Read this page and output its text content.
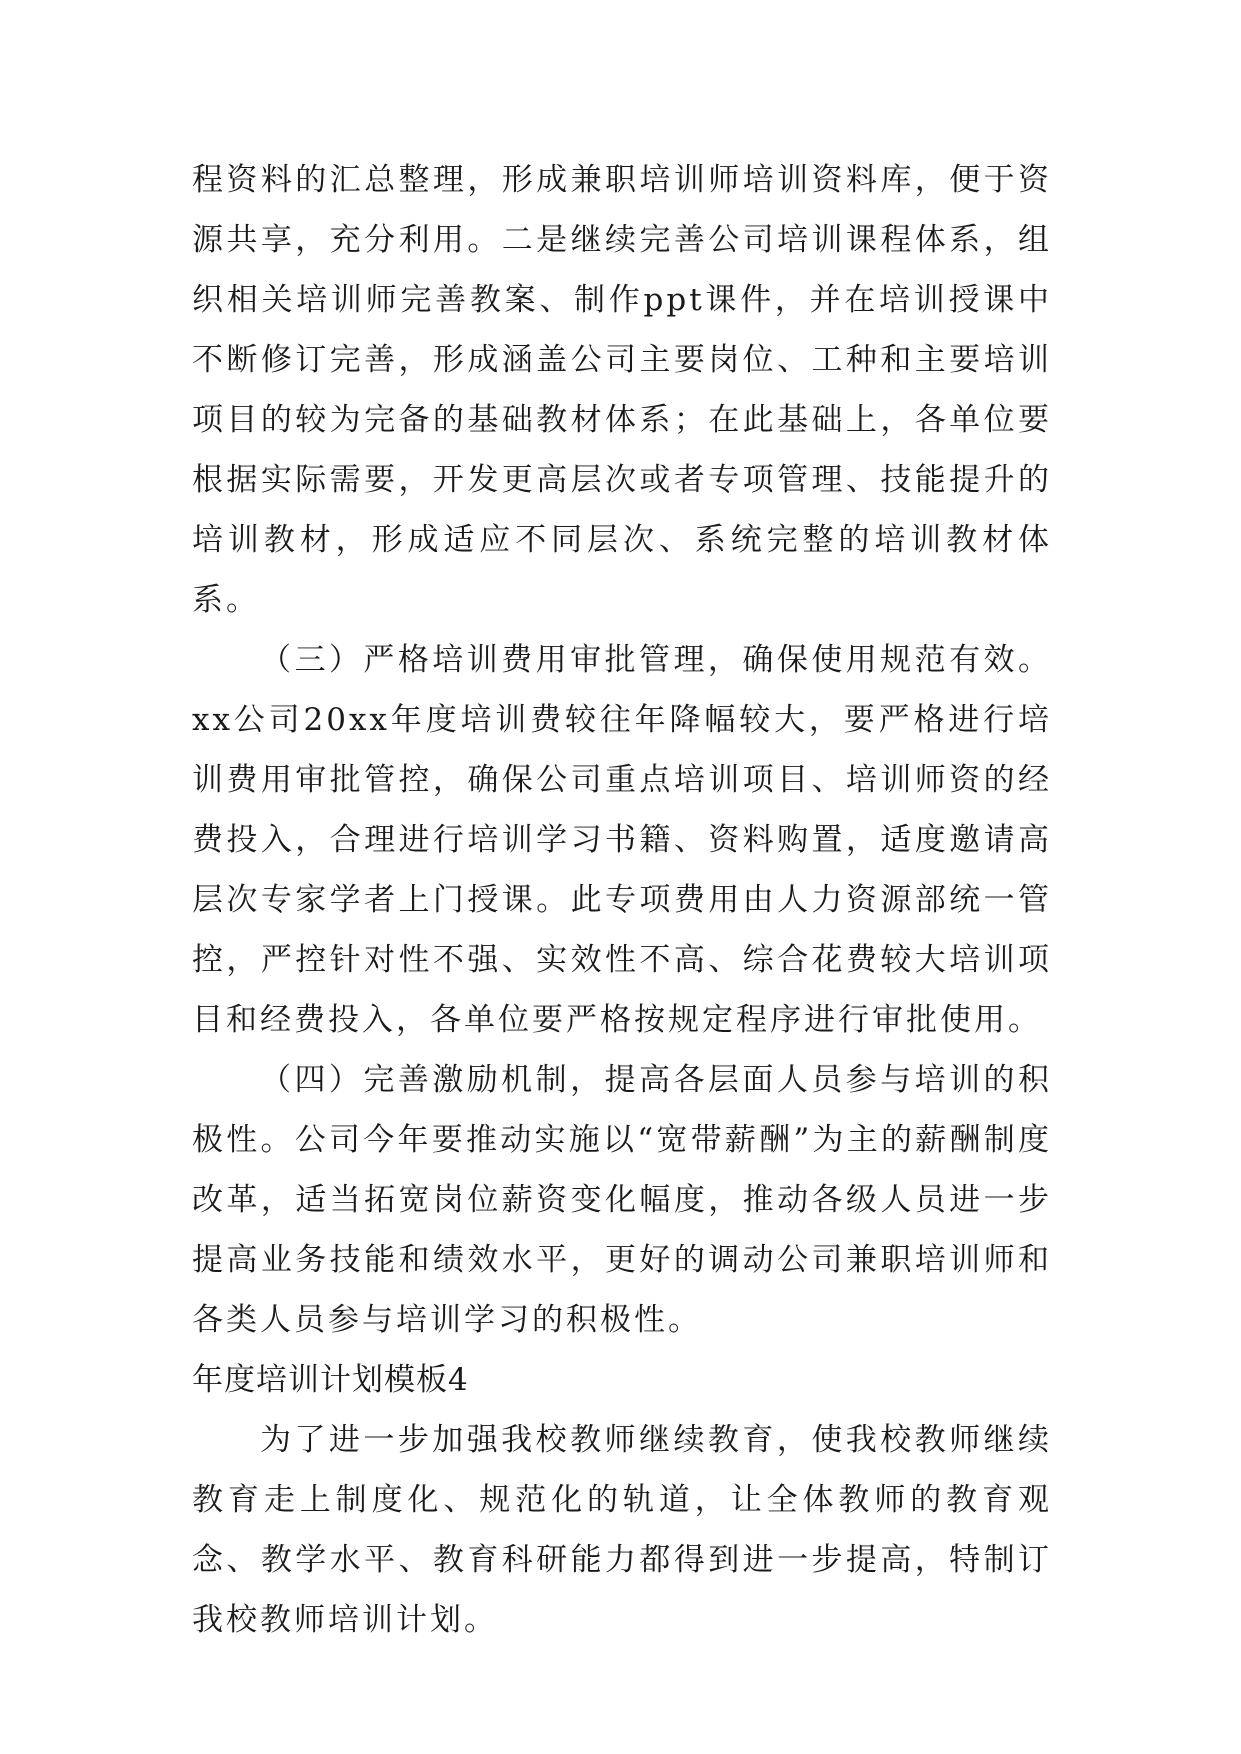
程资料的汇总整理，形成兼职培训师培训资料库，便于资源共享，充分利用。二是继续完善公司培训课程体系，组织相关培训师完善教案、制作ppt课件，并在培训授课中不断修订完善，形成涵盖公司主要岗位、工种和主要培训项目的较为完备的基础教材体系；在此基础上，各单位要根据实际需要，开发更高层次或者专项管理、技能提升的培训教材，形成适应不同层次、系统完整的培训教材体系。

（三）严格培训费用审批管理，确保使用规范有效。xx公司20xx年度培训费较往年降幅较大，要严格进行培训费用审批管控，确保公司重点培训项目、培训师资的经费投入，合理进行培训学习书籍、资料购置，适度邀请高层次专家学者上门授课。此专项费用由人力资源部统一管控，严控针对性不强、实效性不高、综合花费较大培训项目和经费投入，各单位要严格按规定程序进行审批使用。

（四）完善激励机制，提高各层面人员参与培训的积极性。公司今年要推动实施以“宽带薪酬”为主的薪酬制度改革，适当拓宽岗位薪资变化幅度，推动各级人员进一步提高业务技能和绩效水平，更好的调动公司兼职培训师和各类人员参与培训学习的积极性。

年度培训计划模板4

为了进一步加强我校教师继续教育，使我校教师继续教育走上制度化、规范化的轨道，让全体教师的教育观念、教学水平、教育科研能力都得到进一步提高，特制订我校教师培训计划。
